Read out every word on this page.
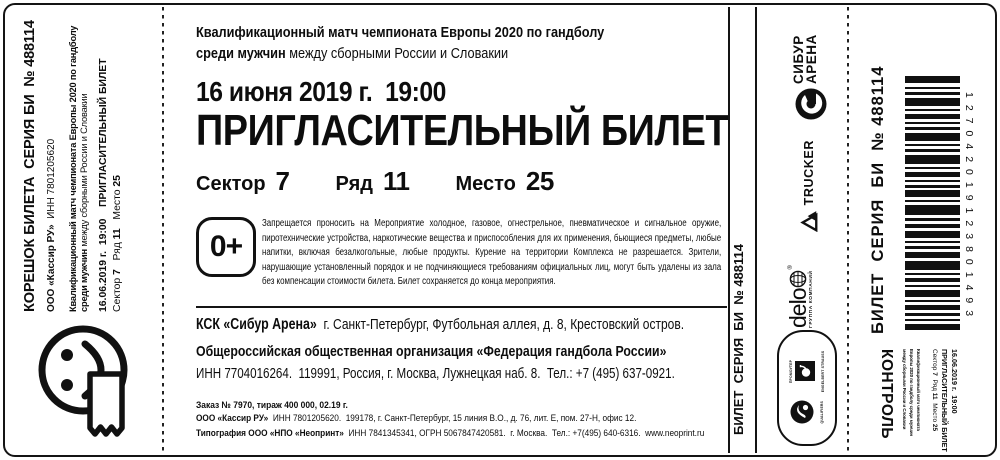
КОРЕШОК БИЛЕТА  СЕРИЯ БИ  № 488114 ООО «Кассир РУ»  ИНН 7801205620 Квалификационный матч чемпионата Европы 2020 по гандболу среди мужчин между сборными России и Словакии 16.06.2019 г.  19:00    ПРИГЛАСИТЕЛЬНЫЙ БИЛЕТ Сектор 7   Ряд 11   Место 25
Квалификационный матч чемпионата Европы 2020 по гандболу
среди мужчин между сборными России и Словакии
16 июня 2019 г.  19:00
ПРИГЛАСИТЕЛЬНЫЙ БИЛЕТ
Сектор 7 Ряд 11 Место 25
0+
Запрещается проносить на Мероприятие холодное, газовое, огнестрельное, пневматическое и сигнальное оружие, пиротехнические устройства, наркотические вещества и приспособления для их применения, бьющиеся предметы, любые напитки, включая безалкогольные, любые продукты. Курение на территории Комплекса не разрешается. Зрители, нарушающие установленный порядок и не подчиняющиеся требованиям официальных лиц, могут быть удалены из зала без компенсации стоимости билета. Билет сохраняется до конца мероприятия.
КСК «Сибур Арена»  г. Санкт-Петербург, Футбольная аллея, д. 8, Крестовский остров.
Общероссийская общественная организация «Федерация гандбола России»
ИНН 7704016264.  119991, Россия, г. Москва, Лужнецкая наб. 8.  Тел.: +7 (495) 637-0921.
Заказ № 7970, тираж 400 000, 02.19 г.
ООО «Кассир РУ»  ИНН 7801205620.  199178, г. Санкт-Петербург, 15 линия В.О., д. 76, лит. Е, пом. 27-Н, офис 12.
Типография ООО «НПО «Неопринт»  ИНН 7841345341, ОГРН 5067847420581.  г. Москва.  Тел.: +7(495) 640-6316.  www.neoprint.ru	БИЛЕТ  СЕРИЯ  БИ  № 488114
СИБУР
АРЕНА
TRUCKER
delo
®
ГРУППА КОМПАНИЙ
QUALIFIERS
ПРОМОУТЕР	ENGELBERT STRAUSS
БИЛЕТ  СЕРИЯ  БИ  № 488114	127042019123801493
КОНТРОЛЬ	Квалификационный матч чемпионата
Европы 2020 по гандболу среди мужчин
между сборными России и Словакии	16.06.2019 г.  19:00
ПРИГЛАСИТЕЛЬНЫЙ БИЛЕТ
Сектор 7  Ряд 11  Место 25
